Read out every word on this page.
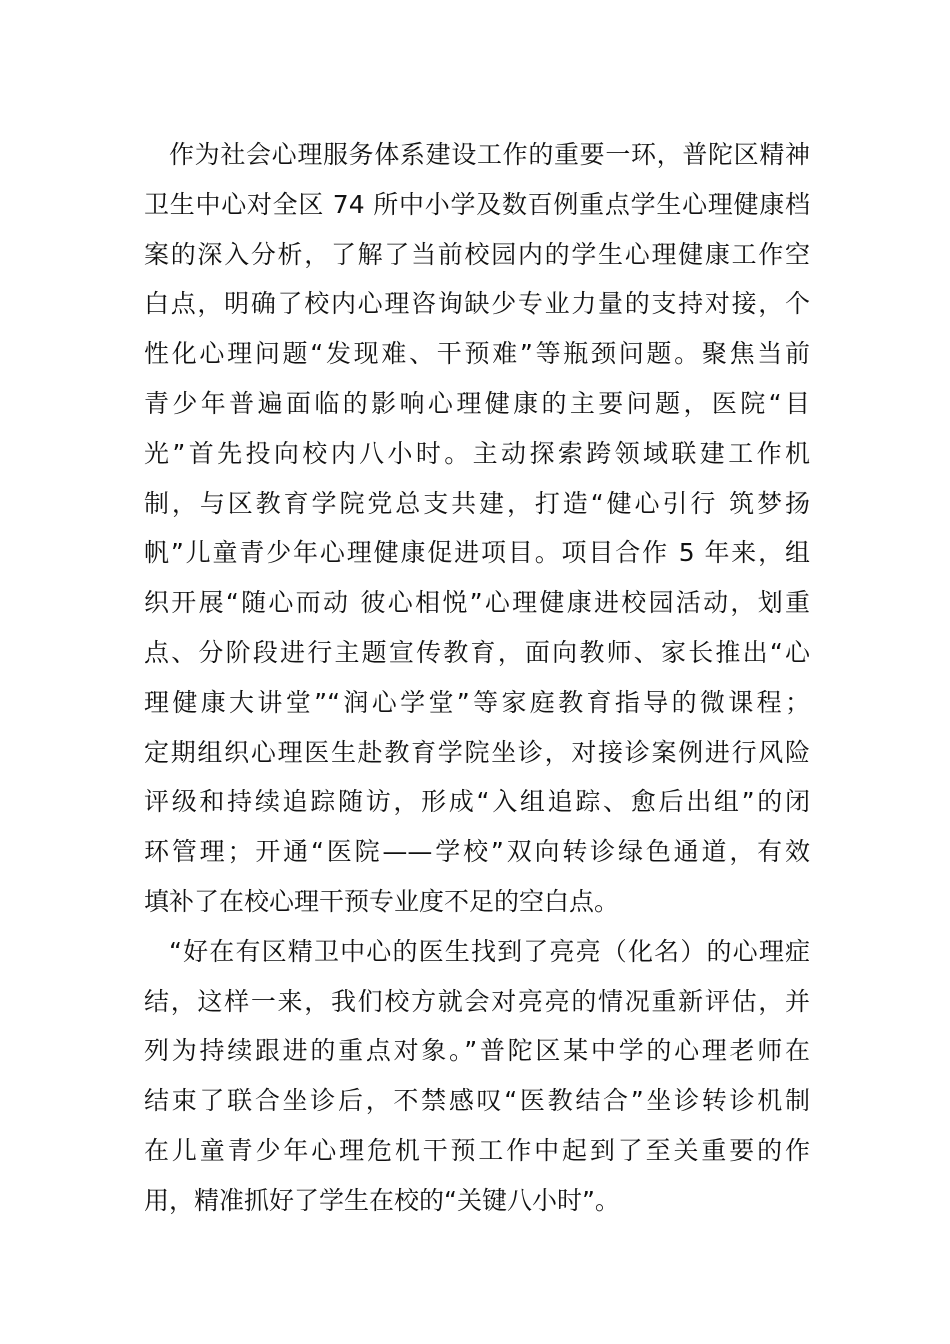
作为社会心理服务体系建设工作的重要一环，普陀区精神
卫生中心对全区 74 所中小学及数百例重点学生心理健康档
案的深入分析，了解了当前校园内的学生心理健康工作空
白点，明确了校内心理咨询缺少专业力量的支持对接，个
性化心理问题“发现难、干预难”等瓶颈问题。聚焦当前
青少年普遍面临的影响心理健康的主要问题，医院“目
光”首先投向校内八小时。主动探索跨领域联建工作机
制，与区教育学院党总支共建，打造“健心引行 筑梦扬
帆”儿童青少年心理健康促进项目。项目合作 5 年来，组
织开展“随心而动 彼心相悦”心理健康进校园活动，划重
点、分阶段进行主题宣传教育，面向教师、家长推出“心
理健康大讲堂”“润心学堂”等家庭教育指导的微课程；
定期组织心理医生赴教育学院坐诊，对接诊案例进行风险
评级和持续追踪随访，形成“入组追踪、愈后出组”的闭
环管理；开通“医院——学校”双向转诊绿色通道，有效
填补了在校心理干预专业度不足的空白点。
“好在有区精卫中心的医生找到了亮亮（化名）的心理症
结，这样一来，我们校方就会对亮亮的情况重新评估，并
列为持续跟进的重点对象。”普陀区某中学的心理老师在
结束了联合坐诊后，不禁感叹“医教结合”坐诊转诊机制
在儿童青少年心理危机干预工作中起到了至关重要的作
用，精准抓好了学生在校的“关键八小时”。
